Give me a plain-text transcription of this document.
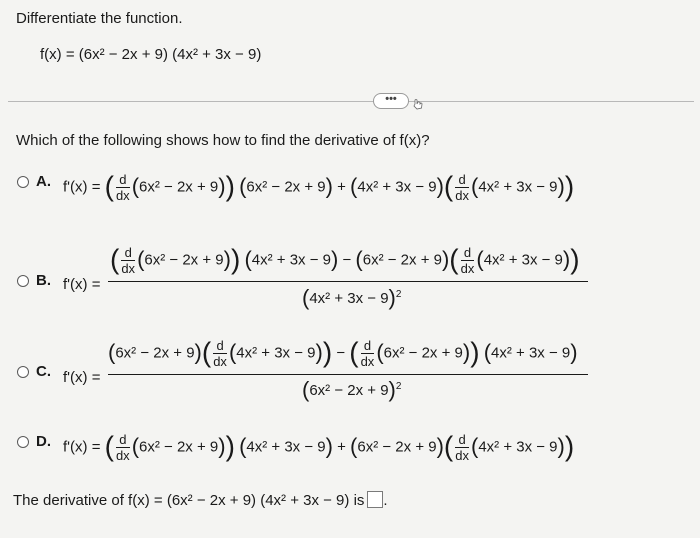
Differentiate the function.
f(x) = (6x² − 2x + 9) (4x² + 3x − 9)
•••
Which of the following shows how to find the derivative of f(x)?
A. f'(x) = ( $\frac{d}{dx} (6x^2 - 2x + 9)$) $(6x^2 - 2x + 9) + (4x^2 + 3x - 9)( \frac{d}{dx} (4x^2 + 3x - 9))$
B. f'(x) =
( $\frac{d}{dx} (6x^2 - 2x + 9)$) $(4x^2 + 3x - 9) - (6x^2 - 2x + 9)( \frac{d}{dx} (4x^2 + 3x - 9))$
$(4x^2 + 3x - 9)^2$
C. f'(x) =
$(6x^2 - 2x + 9)( \frac{d}{dx} (4x^2 + 3x - 9))$ − ( $\frac{d}{dx} (6x^2 - 2x + 9)$) (4x² + 3x − 9)
$(6x^2 - 2x + 9)^2$
D. f'(x) = ( $\frac{d}{dx} (6x^2 - 2x + 9)$) $(4x^2 + 3x - 9) + (6x^2 - 2x + 9)( \frac{d}{dx} (4x^2 + 3x - 9))$
The derivative of f(x) = (6x² − 2x + 9) (4x² + 3x − 9) is .
